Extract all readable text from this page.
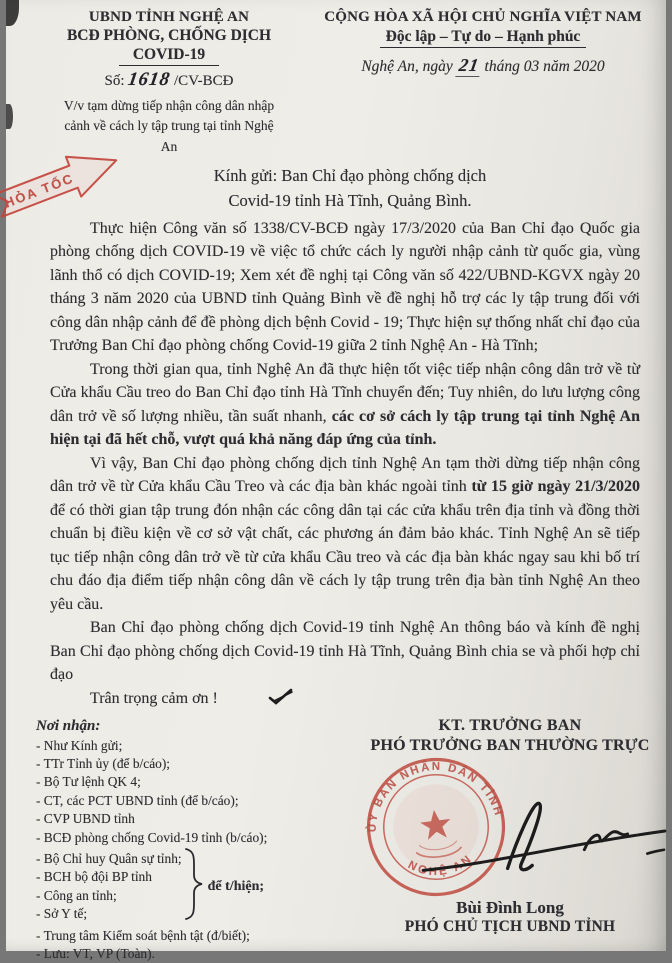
UBND TỈNH NGHỆ AN
BCĐ PHÒNG, CHỐNG DỊCH
COVID-19
Số: 1618 /CV-BCĐ
V/v tạm dừng tiếp nhận công dân nhập cảnh về cách ly tập trung tại tỉnh Nghệ An
CỘNG HÒA XÃ HỘI CHỦ NGHĨA VIỆT NAM
Độc lập – Tự do – Hạnh phúc
Nghệ An, ngày 21 tháng 03 năm 2020
HỎA TỐC	Kính gửi: Ban Chỉ đạo phòng chống dịch
Covid-19 tỉnh Hà Tĩnh, Quảng Bình.

Thực hiện Công văn số 1338/CV-BCĐ ngày 17/3/2020 của Ban Chỉ đạo Quốc gia phòng chống dịch COVID-19 về việc tổ chức cách ly người nhập cảnh từ quốc gia, vùng lãnh thổ có dịch COVID-19; Xem xét đề nghị tại Công văn số 422/UBND-KGVX ngày 20 tháng 3 năm 2020 của UBND tỉnh Quảng Bình về đề nghị hỗ trợ các ly tập trung đối với công dân nhập cảnh để đề phòng dịch bệnh Covid - 19; Thực hiện sự thống nhất chỉ đạo của Trưởng Ban Chỉ đạo phòng chống Covid-19 giữa 2 tỉnh Nghệ An - Hà Tĩnh;

Trong thời gian qua, tỉnh Nghệ An đã thực hiện tốt việc tiếp nhận công dân trở về từ Cửa khẩu Cầu treo do Ban Chỉ đạo tỉnh Hà Tĩnh chuyển đến; Tuy nhiên, do lưu lượng công dân trở về số lượng nhiều, tần suất nhanh, các cơ sở cách ly tập trung tại tỉnh Nghệ An hiện tại đã hết chỗ, vượt quá khả năng đáp ứng của tỉnh.

Vì vậy, Ban Chỉ đạo phòng chống dịch tỉnh Nghệ An tạm thời dừng tiếp nhận công dân trở về từ Cửa khẩu Cầu Treo và các địa bàn khác ngoài tỉnh từ 15 giờ ngày 21/3/2020 để có thời gian tập trung đón nhận các công dân tại các cửa khẩu trên địa tỉnh và đồng thời chuẩn bị điều kiện về cơ sở vật chất, các phương án đảm bảo khác. Tỉnh Nghệ An sẽ tiếp tục tiếp nhận công dân trở về từ cửa khẩu Cầu treo và các địa bàn khác ngay sau khi bố trí chu đáo địa điểm tiếp nhận công dân về cách ly tập trung trên địa bàn tỉnh Nghệ An theo yêu cầu.

Ban Chỉ đạo phòng chống dịch Covid-19 tỉnh Nghệ An thông báo và kính đề nghị Ban Chỉ đạo phòng chống dịch Covid-19 tỉnh Hà Tĩnh, Quảng Bình chia se và phối hợp chỉ đạo

Trân trọng cảm ơn !

Nơi nhận:
- Như Kính gửi;
- TTr Tỉnh ủy (để b/cáo);
- Bộ Tư lệnh QK 4;
- CT, các PCT UBND tỉnh (để b/cáo);
- CVP UBND tỉnh
- BCĐ phòng chống Covid-19 tỉnh (b/cáo);
- Bộ Chỉ huy Quân sự tỉnh;
- BCH bộ đội BP tỉnh
- Công an tỉnh;
- Sở Y tế;
để t/hiện;
- Trung tâm Kiểm soát bệnh tật (đ/biết);
- Lưu: VT, VP (Toàn).
KT. TRƯỞNG BAN
PHÓ TRƯỞNG BAN THƯỜNG TRỰC
ỦY BAN NHÂN DÂN TỈNH
NGHỆ AN
Bùi Đình Long
PHÓ CHỦ TỊCH UBND TỈNH
